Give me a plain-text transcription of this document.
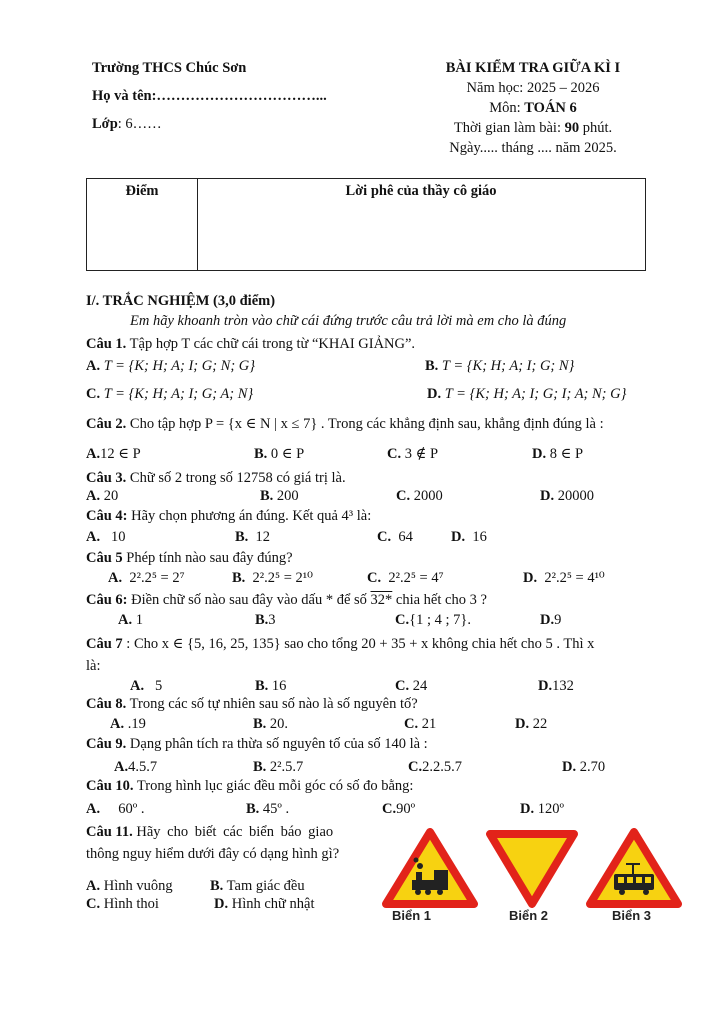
Trường THCS Chúc Sơn
Họ và tên:……………………………...
Lớp: 6……
BÀI KIỂM TRA GIỮA KÌ I
Năm học: 2025 – 2026
Môn: TOÁN 6
Thời gian làm bài: 90 phút.
Ngày..... tháng .... năm 2025.
Điểm	Lời phê của thầy cô giáo
I/. TRẮC NGHIỆM (3,0 điểm)
Em hãy khoanh tròn vào chữ cái đứng trước câu trả lời mà em cho là đúng
Câu 1. Tập hợp T các chữ cái trong từ “KHAI GIẢNG”.
A. T = {K; H; A; I; G; N; G}	B. T = {K; H; A; I; G; N}
C. T = {K; H; A; I; G; A; N}	D. T = {K; H; A; I; G; I; A; N; G}
Câu 2. Cho tập hợp P = {x ∈ N | x ≤ 7} . Trong các khẳng định sau, khẳng định đúng là :
A.12 ∈ P	B. 0 ∈ P	C. 3 ∉ P	D. 8 ∈ P
Câu 3. Chữ số 2 trong số 12758 có giá trị là.
A. 20	B. 200	C. 2000	D. 20000
Câu 4: Hãy chọn phương án đúng. Kết quả 4³ là:
A. 10	B. 12	C. 64	D. 16
Câu 5 Phép tính nào sau đây đúng?
A. 2².2⁵ = 2⁷	B. 2².2⁵ = 2¹⁰	C. 2².2⁵ = 4⁷	D. 2².2⁵ = 4¹⁰
Câu 6: Điền chữ số nào sau đây vào dấu * để số 32* chia hết cho 3 ?
A. 1	B.3	C.{1 ; 4 ; 7}.	D.9
Câu 7 : Cho x ∈ {5, 16, 25, 135} sao cho tổng 20 + 35 + x không chia hết cho 5 . Thì x
là:
A. 5	B. 16	C. 24	D.132
Câu 8. Trong các số tự nhiên sau số nào là số nguyên tố?
A. .19	B. 20.	C. 21	D. 22
Câu 9. Dạng phân tích ra thừa số nguyên tố của số 140 là :
A.4.5.7	B. 2².5.7	C.2.2.5.7	D. 2.70
Câu 10. Trong hình lục giác đều mỗi góc có số đo bằng:
A. 60º .	B. 45º .	C.90º	D. 120º
Câu 11. Hãy cho biết các biển báo giao
thông nguy hiểm dưới đây có dạng hình gì?
A. Hình vuông	B. Tam giác đều
C. Hình thoi	D. Hình chữ nhật
Biển 1	Biển 2	Biển 3
